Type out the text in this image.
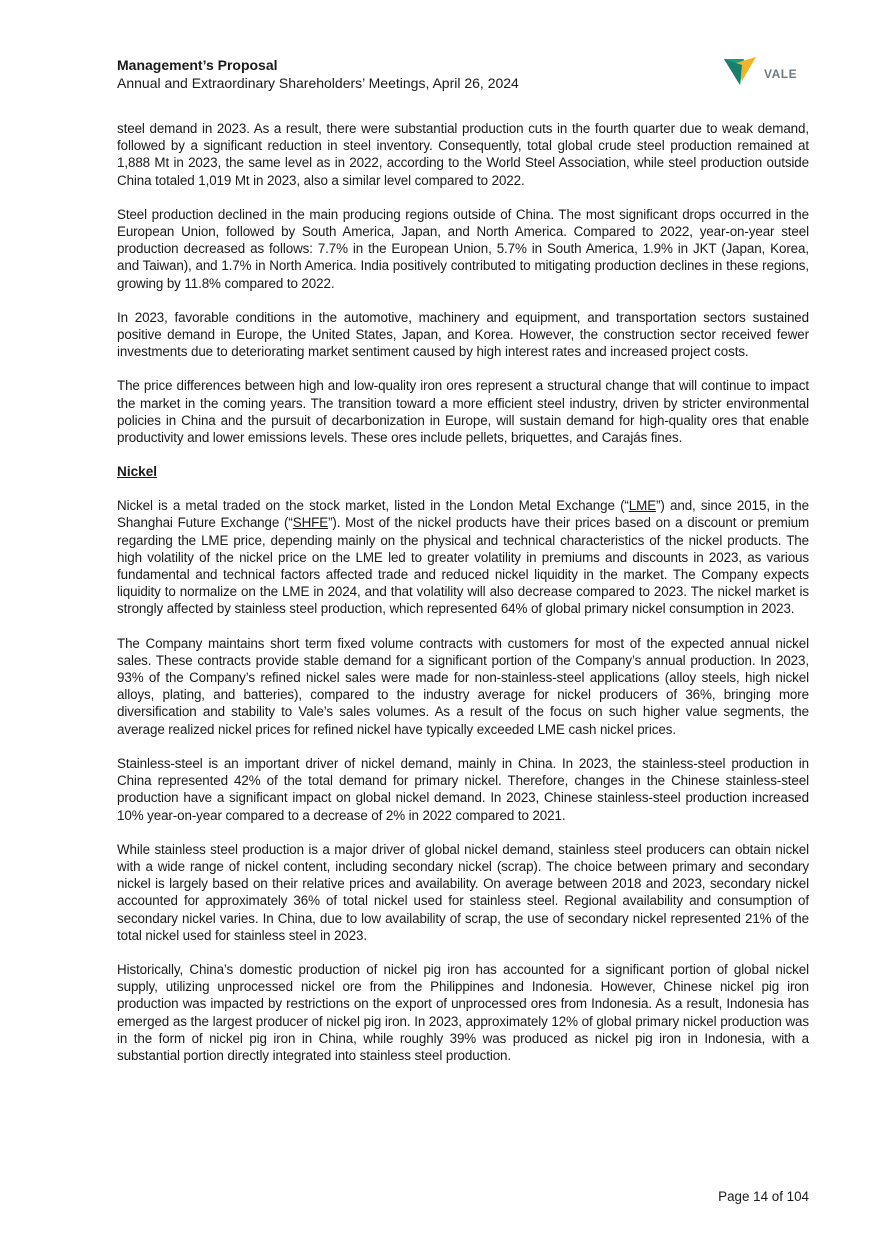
Management’s Proposal

Annual and Extraordinary Shareholders’ Meetings, April 26, 2024

VALE

steel demand in 2023. As a result, there were substantial production cuts in the fourth quarter due to weak demand, followed by a significant reduction in steel inventory. Consequently, total global crude steel production remained at 1,888 Mt in 2023, the same level as in 2022, according to the World Steel Association, while steel production outside China totaled 1,019 Mt in 2023, also a similar level compared to 2022.

Steel production declined in the main producing regions outside of China. The most significant drops occurred in the European Union, followed by South America, Japan, and North America. Compared to 2022, year-on-year steel production decreased as follows: 7.7% in the European Union, 5.7% in South America, 1.9% in JKT (Japan, Korea, and Taiwan), and 1.7% in North America. India positively contributed to mitigating production declines in these regions, growing by 11.8% compared to 2022.

In 2023, favorable conditions in the automotive, machinery and equipment, and transportation sectors sustained positive demand in Europe, the United States, Japan, and Korea. However, the construction sector received fewer investments due to deteriorating market sentiment caused by high interest rates and increased project costs.

The price differences between high and low-quality iron ores represent a structural change that will continue to impact the market in the coming years. The transition toward a more efficient steel industry, driven by stricter environmental policies in China and the pursuit of decarbonization in Europe, will sustain demand for high-quality ores that enable productivity and lower emissions levels. These ores include pellets, briquettes, and Carajás fines.

Nickel

Nickel is a metal traded on the stock market, listed in the London Metal Exchange (“LME”) and, since 2015, in the Shanghai Future Exchange (“SHFE”). Most of the nickel products have their prices based on a discount or premium regarding the LME price, depending mainly on the physical and technical characteristics of the nickel products. The high volatility of the nickel price on the LME led to greater volatility in premiums and discounts in 2023, as various fundamental and technical factors affected trade and reduced nickel liquidity in the market. The Company expects liquidity to normalize on the LME in 2024, and that volatility will also decrease compared to 2023. The nickel market is strongly affected by stainless steel production, which represented 64% of global primary nickel consumption in 2023.

The Company maintains short term fixed volume contracts with customers for most of the expected annual nickel sales. These contracts provide stable demand for a significant portion of the Company’s annual production. In 2023, 93% of the Company’s refined nickel sales were made for non-stainless-steel applications (alloy steels, high nickel alloys, plating, and batteries), compared to the industry average for nickel producers of 36%, bringing more diversification and stability to Vale’s sales volumes. As a result of the focus on such higher value segments, the average realized nickel prices for refined nickel have typically exceeded LME cash nickel prices.

Stainless-steel is an important driver of nickel demand, mainly in China. In 2023, the stainless-steel production in China represented 42% of the total demand for primary nickel. Therefore, changes in the Chinese stainless-steel production have a significant impact on global nickel demand. In 2023, Chinese stainless-steel production increased 10% year-on-year compared to a decrease of 2% in 2022 compared to 2021.

While stainless steel production is a major driver of global nickel demand, stainless steel producers can obtain nickel with a wide range of nickel content, including secondary nickel (scrap). The choice between primary and secondary nickel is largely based on their relative prices and availability. On average between 2018 and 2023, secondary nickel accounted for approximately 36% of total nickel used for stainless steel. Regional availability and consumption of secondary nickel varies. In China, due to low availability of scrap, the use of secondary nickel represented 21% of the total nickel used for stainless steel in 2023.

Historically, China’s domestic production of nickel pig iron has accounted for a significant portion of global nickel supply, utilizing unprocessed nickel ore from the Philippines and Indonesia. However, Chinese nickel pig iron production was impacted by restrictions on the export of unprocessed ores from Indonesia. As a result, Indonesia has emerged as the largest producer of nickel pig iron. In 2023, approximately 12% of global primary nickel production was in the form of nickel pig iron in China, while roughly 39% was produced as nickel pig iron in Indonesia, with a substantial portion directly integrated into stainless steel production.

Page 14 of 104
